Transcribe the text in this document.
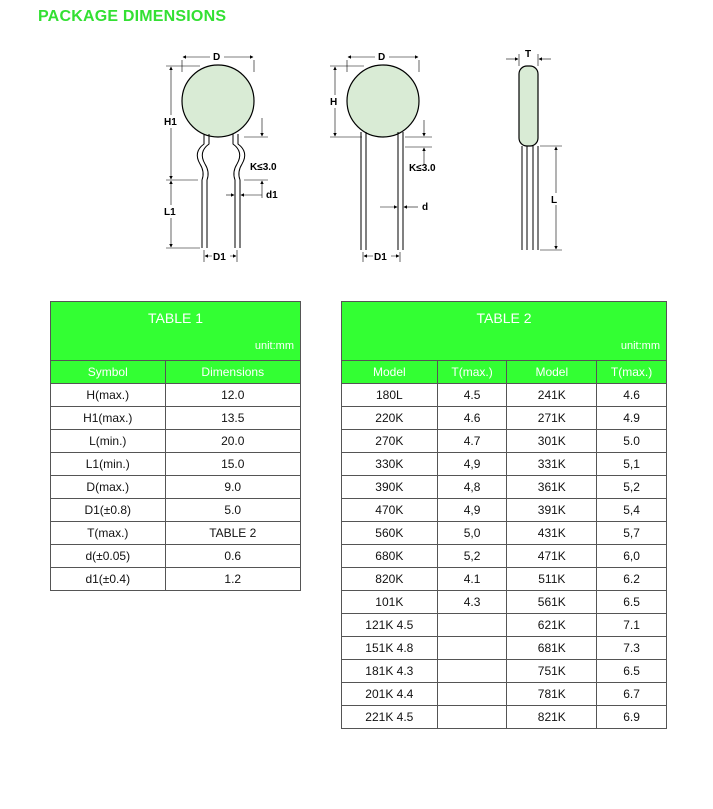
PACKAGE DIMENSIONS
D
H1
L1
K≤3.0
d1
D1
D
H
K≤3.0
d
D1
T
L
TABLE 1
unit:mm	

Symbol	Dimensions
H(max.)	12.0
H1(max.)	13.5
L(min.)	20.0
L1(min.)	15.0
D(max.)	9.0
D1(±0.8)	5.0
T(max.)	TABLE 2
d(±0.05)	0.6
d1(±0.4)	1.2
TABLE 2
unit:mm			

Model	T(max.)	Model	T(max.)
180L	4.5	241K	4.6
220K	4.6	271K	4.9
270K	4.7	301K	5.0
330K	4,9	331K	5,1
390K	4,8	361K	5,2
470K	4,9	391K	5,4
560K	5,0	431K	5,7
680K	5,2	471K	6,0
820K	4.1	511K	6.2
101K	4.3	561K	6.5
121K 4.5		621K	7.1
151K 4.8		681K	7.3
181K 4.3		751K	6.5
201K 4.4		781K	6.7
221K 4.5		821K	6.9
